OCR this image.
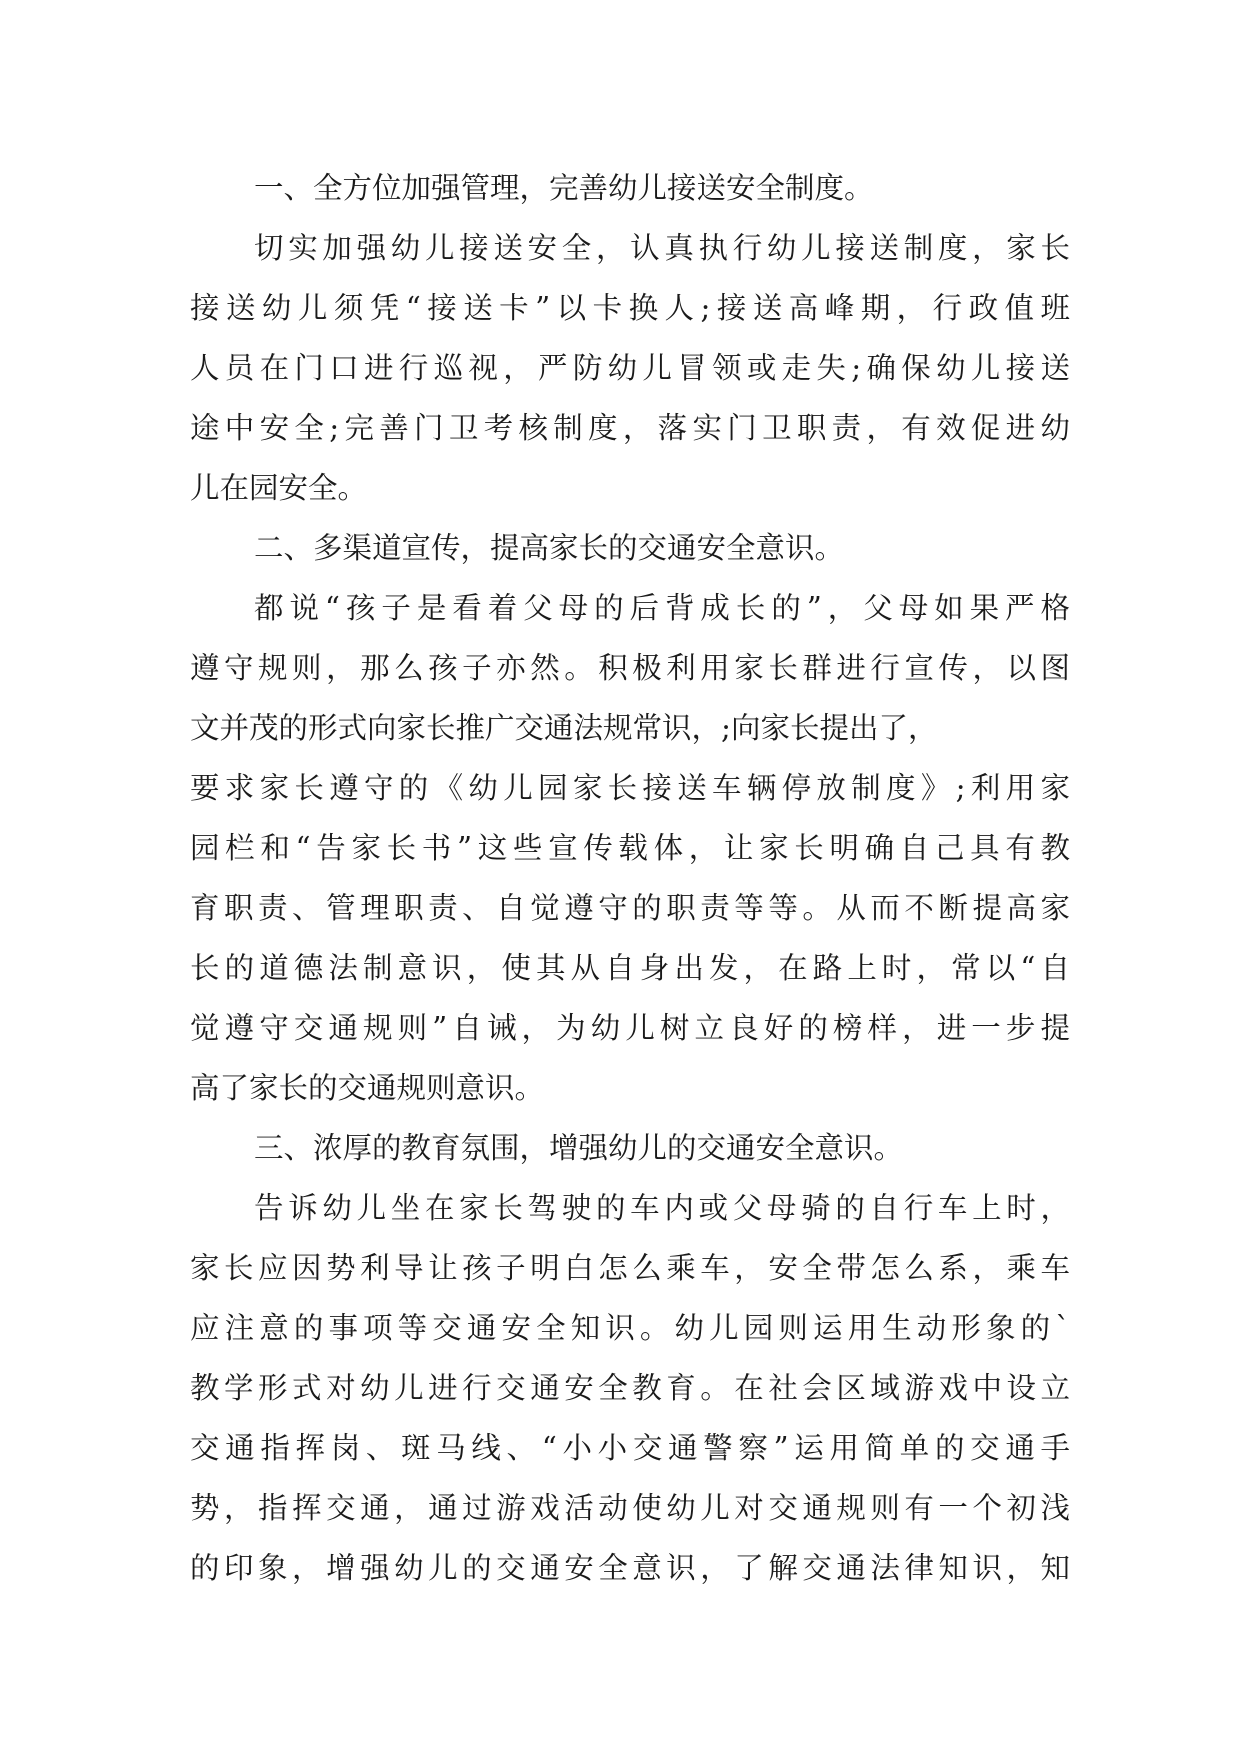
一、全方位加强管理，完善幼儿接送安全制度。
切实加强幼儿接送安全，认真执行幼儿接送制度，家长
接送幼儿须凭“接送卡”以卡换人;接送高峰期，行政值班
人员在门口进行巡视，严防幼儿冒领或走失;确保幼儿接送
途中安全;完善门卫考核制度，落实门卫职责，有效促进幼
儿在园安全。
二、多渠道宣传，提高家长的交通安全意识。
都说“孩子是看着父母的后背成长的”，父母如果严格
遵守规则，那么孩子亦然。积极利用家长群进行宣传，以图
文并茂的形式向家长推广交通法规常识，;向家长提出了，
要求家长遵守的《幼儿园家长接送车辆停放制度》;利用家
园栏和“告家长书”这些宣传载体，让家长明确自己具有教
育职责、管理职责、自觉遵守的职责等等。从而不断提高家
长的道德法制意识，使其从自身出发，在路上时，常以“自
觉遵守交通规则”自诫，为幼儿树立良好的榜样，进一步提
高了家长的交通规则意识。
三、浓厚的教育氛围，增强幼儿的交通安全意识。
告诉幼儿坐在家长驾驶的车内或父母骑的自行车上时，
家长应因势利导让孩子明白怎么乘车，安全带怎么系，乘车
应注意的事项等交通安全知识。幼儿园则运用生动形象的`
教学形式对幼儿进行交通安全教育。在社会区域游戏中设立
交通指挥岗、斑马线、“小小交通警察”运用简单的交通手
势，指挥交通，通过游戏活动使幼儿对交通规则有一个初浅
的印象，增强幼儿的交通安全意识，了解交通法律知识，知
